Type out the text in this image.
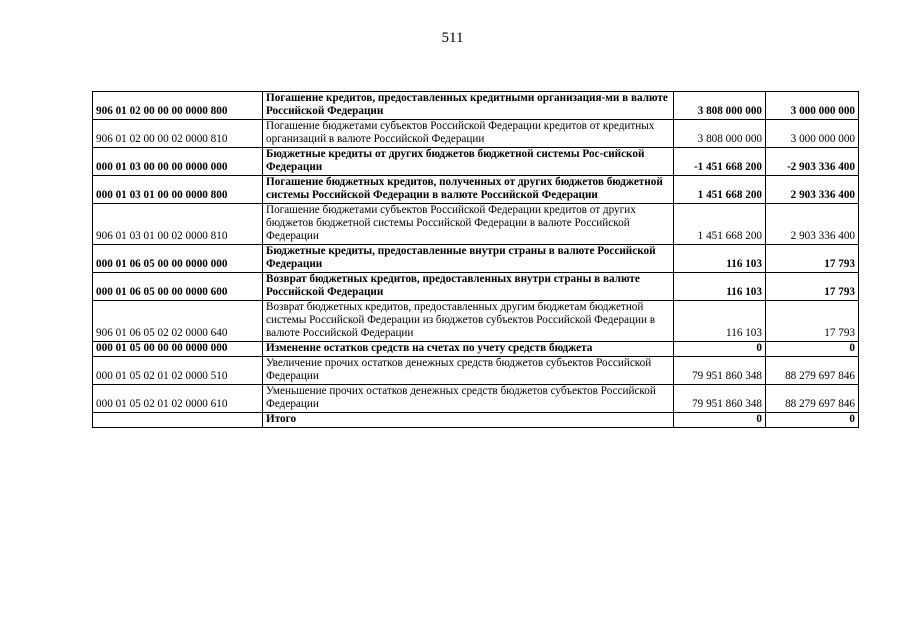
511
906 01 02 00 00 00 0000 800	Погашение кредитов, предоставленных кредитными организация-ми в валюте Российской Федерации	3 808 000 000	3 000 000 000
906 01 02 00 00 02 0000 810	Погашение бюджетами субъектов Российской Федерации кредитов от кредитных организаций в валюте Российской Федерации	3 808 000 000	3 000 000 000
000 01 03 00 00 00 0000 000	Бюджетные кредиты от других бюджетов бюджетной системы Рос-сийской Федерации	-1 451 668 200	-2 903 336 400
000 01 03 01 00 00 0000 800	Погашение бюджетных кредитов, полученных от других бюджетов бюджетной системы Российской Федерации в валюте Российской Федерации	1 451 668 200	2 903 336 400
906 01 03 01 00 02 0000 810	Погашение бюджетами субъектов Российской Федерации кредитов от других бюджетов бюджетной системы Российской Федерации в валюте Российской Федерации	1 451 668 200	2 903 336 400
000 01 06 05 00 00 0000 000	Бюджетные кредиты, предоставленные внутри страны в валюте Российской Федерации	116 103	17 793
000 01 06 05 00 00 0000 600	Возврат бюджетных кредитов, предоставленных внутри страны в валюте Российской Федерации	116 103	17 793
906 01 06 05 02 02 0000 640	Возврат бюджетных кредитов, предоставленных другим бюджетам бюджетной системы Российской Федерации из бюджетов субъектов Российской Федерации в валюте Российской Федерации	116 103	17 793
000 01 05 00 00 00 0000 000	Изменение остатков средств на счетах по учету средств бюджета	0	0
000 01 05 02 01 02 0000 510	Увеличение прочих остатков денежных средств бюджетов субъектов Российской Федерации	79 951 860 348	88 279 697 846
000 01 05 02 01 02 0000 610	Уменьшение прочих остатков денежных средств бюджетов субъектов Российской Федерации	79 951 860 348	88 279 697 846
	Итого	0	0
